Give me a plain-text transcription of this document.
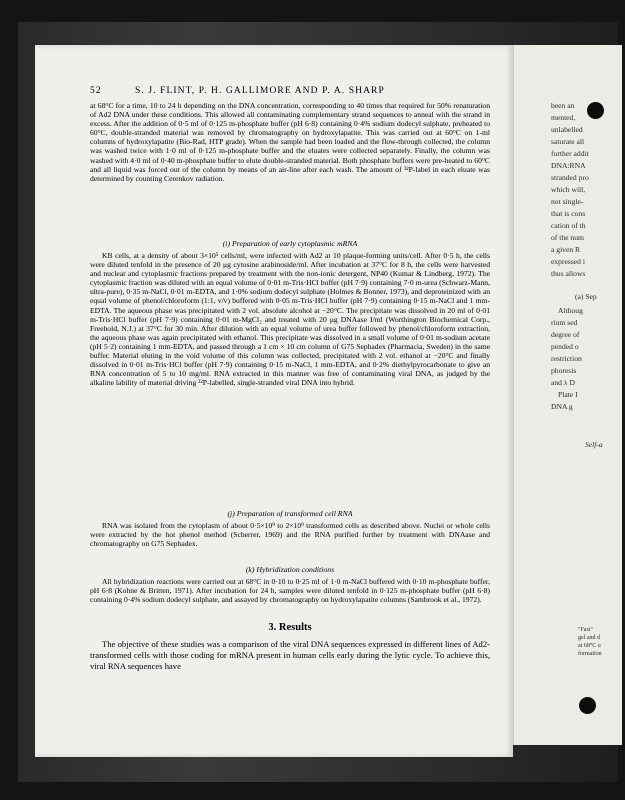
52	S. J. FLINT, P. H. GALLIMORE AND P. A. SHARP

at 68°C for a time, 10 to 24 h depending on the DNA concentration, corresponding to 40 times that required for 50% renaturation of Ad2 DNA under these conditions. This allowed all contaminating complementary strand sequences to anneal with the strand in excess. After the addition of 0·5 ml of 0·125 m-phosphate buffer (pH 6·8) containing 0·4% sodium dodecyl sulphate, preheated to 60°C, double-stranded material was removed by chromatography on hydroxylapatite. This was carried out at 60°C on 1-ml columns of hydroxylapatite (Bio-Rad, HTP grade). When the sample had been loaded and the flow-through collected, the column was washed twice with 1·0 ml of 0·125 m-phosphate buffer and the eluates were collected separately. Finally, the column was washed with 4·0 ml of 0·40 m-phosphate buffer to elute double-stranded material. Both phosphate buffers were pre-heated to 60°C and all liquid was forced out of the column by means of an air-line after each wash. The amount of ³²P-label in each eluate was determined by counting Cerenkov radiation.

(i) Preparation of early cytoplasmic mRNA

KB cells, at a density of about 3×10⁵ cells/ml, were infected with Ad2 at 10 plaque-forming units/cell. After 0·5 h, the cells were diluted tenfold in the presence of 20 μg cytosine arabinoside/ml. After incubation at 37°C for 8 h, the cells were harvested and nuclear and cytoplasmic fractions prepared by treatment with the non-ionic detergent, NP40 (Kumar & Lindberg, 1972). The cytoplasmic fraction was diluted with an equal volume of 0·01 m-Tris·HCl buffer (pH 7·9) containing 7·0 m-urea (Schwarz-Mann, ultra-pure), 0·35 m-NaCl, 0·01 m-EDTA, and 1·0% sodium dodecyl sulphate (Holmes & Bonner, 1973), and deproteinized with an equal volume of phenol/chloroform (1:1, v/v) buffered with 0·05 m-Tris·HCl buffer (pH 7·9) containing 0·15 m-NaCl and 1 mm-EDTA. The aqueous phase was precipitated with 2 vol. absolute alcohol at −20°C. The precipitate was dissolved in 20 ml of 0·01 m-Tris·HCl buffer (pH 7·9) containing 0·01 m-MgCl₂ and treated with 20 μg DNAase I/ml (Worthington Biochemical Corp., Freehold, N.J.) at 37°C for 30 min. After dilution with an equal volume of urea buffer followed by phenol/chloroform extraction, the aqueous phase was again precipitated with ethanol. This precipitate was dissolved in a small volume of 0·01 m-sodium acetate (pH 5·2) containing 1 mm-EDTA, and passed through a 1 cm × 10 cm column of G75 Sephadex (Pharmacia, Sweden) in the same buffer. Material eluting in the void volume of this column was collected, precipitated with 2 vol. ethanol at −20°C and finally dissolved in 0·01 m-Tris·HCl buffer (pH 7·9) containing 0·15 m-NaCl, 1 mm-EDTA, and 0·2% diethylpyrocarbonate to give an RNA concentration of 5 to 10 mg/ml. RNA extracted in this manner was free of contaminating viral DNA, as judged by the alkaline lability of material driving ³²P-labelled, single-stranded viral DNA into hybrid.

(j) Preparation of transformed cell RNA

RNA was isolated from the cytoplasm of about 0·5×10⁹ to 2×10⁹ transformed cells as described above. Nuclei or whole cells were extracted by the hot phenol method (Scherrer, 1969) and the RNA purified further by treatment with DNAase and chromatography on G75 Sephadex.

(k) Hybridization conditions

All hybridization reactions were carried out at 68°C in 0·10 to 0·25 ml of 1·0 m-NaCl buffered with 0·10 m-phosphate buffer, pH 6·8 (Kohne & Britten, 1971). After incubation for 24 h, samples were diluted tenfold in 0·125 m-phosphate buffer (pH 6·8) containing 0·4% sodium dodecyl sulphate, and assayed by chromatography on hydroxylapatite columns (Sambrook et al., 1972).

3. Results

The objective of these studies was a comparison of the viral DNA sequences expressed in different lines of Ad2-transformed cells with those coding for mRNA present in human cells early during the lytic cycle. To achieve this, viral RNA sequences have

been an
mented,
unlabelled
saturate all
further addit
DNA:RNA
stranded pro
which will,
not single-
that is cons
cation of th
of the num
a given R
expressed i
thus allows
(a) Sep
Althoug
rium sed
degree of
pended o
restriction
phoresis
and λ D
Plate I
DNA g
Self-a
"Fast"
gel and d
at 68°C u
formation
